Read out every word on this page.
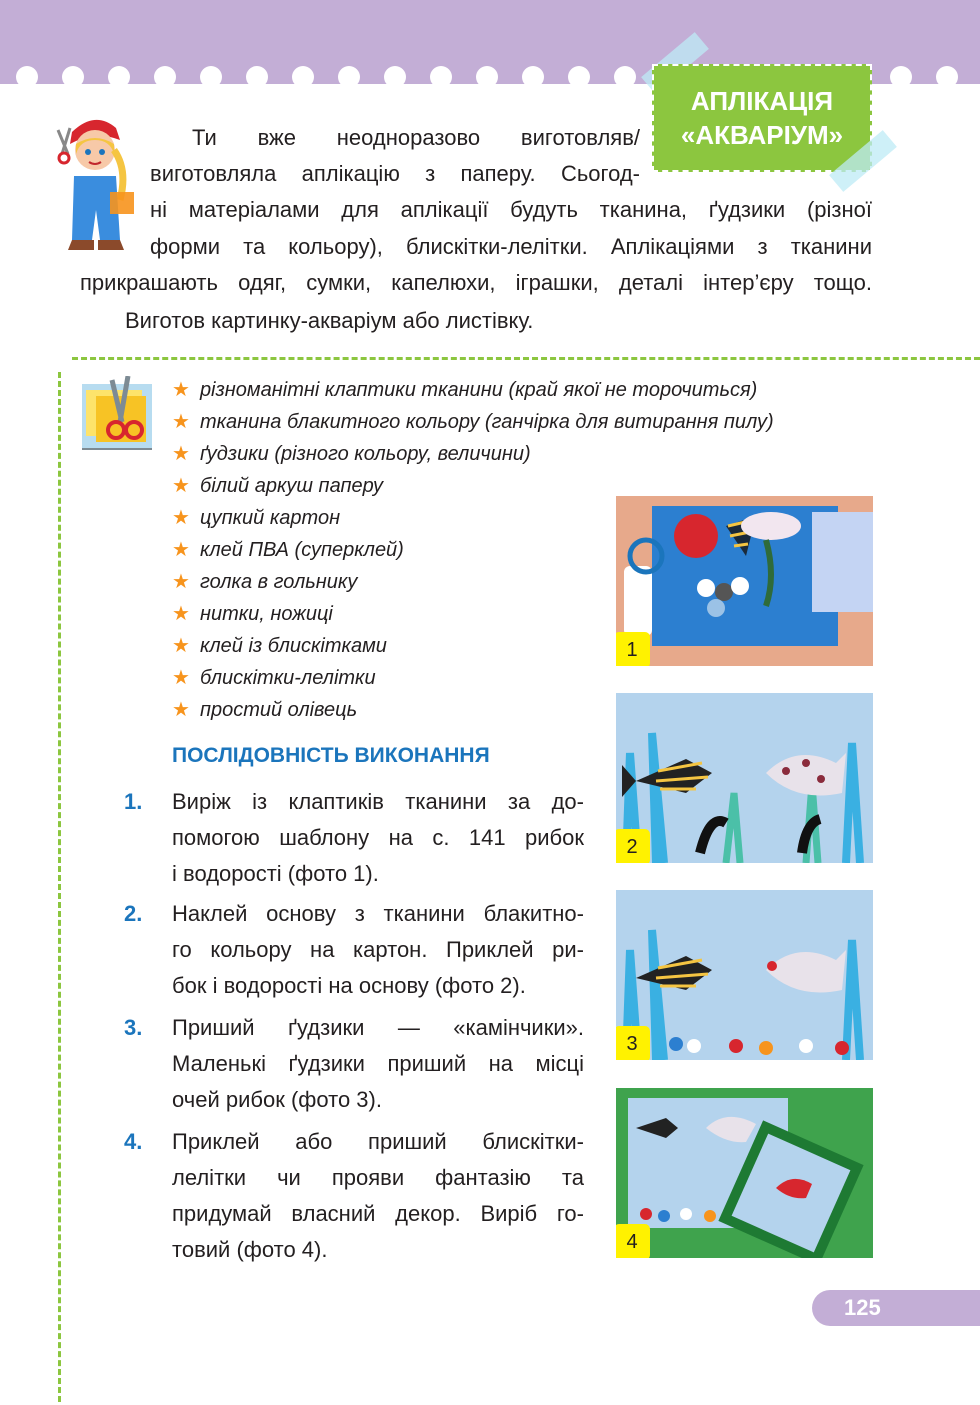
АПЛІКАЦІЯ
«АКВАРІУМ»
Ти вже неодноразово виготовляв/
виготовляла аплікацію з паперу. Сьогод-
ні матеріалами для аплікації будуть тканина, ґудзики (різної
форми та кольору), блискітки-лелітки. Аплікаціями з тканини
прикрашають одяг, сумки, капелюхи, іграшки, деталі інтер’єру тощо.
Виготов картинку-акваріум або листівку.
★ різноманітні клаптики тканини (край якої не торочиться)
★ тканина блакитного кольору (ганчірка для витирання пилу)
★ ґудзики (різного кольору, величини)
★ білий аркуш паперу
★ цупкий картон
★ клей ПВА (суперклей)
★ голка в гольнику
★ нитки, ножиці
★ клей із блискітками
★ блискітки-лелітки
★ простий олівець
ПОСЛІДОВНІСТЬ ВИКОНАННЯ
1. Виріж із клаптиків тканини за до-
помогою шаблону на с. 141 рибок
і водорості (фото 1).
2. Наклей основу з тканини блакитно-
го кольору на картон. Приклей ри-
бок і водорості на основу (фото 2).
3. Приший ґудзики — «камінчики».
Маленькі ґудзики приший на місці
очей рибок (фото 3).
4. Приклей або приший блискітки-
лелітки чи прояви фантазію та
придумай власний декор. Виріб го-
товий (фото 4).
1
2
3
4
125
